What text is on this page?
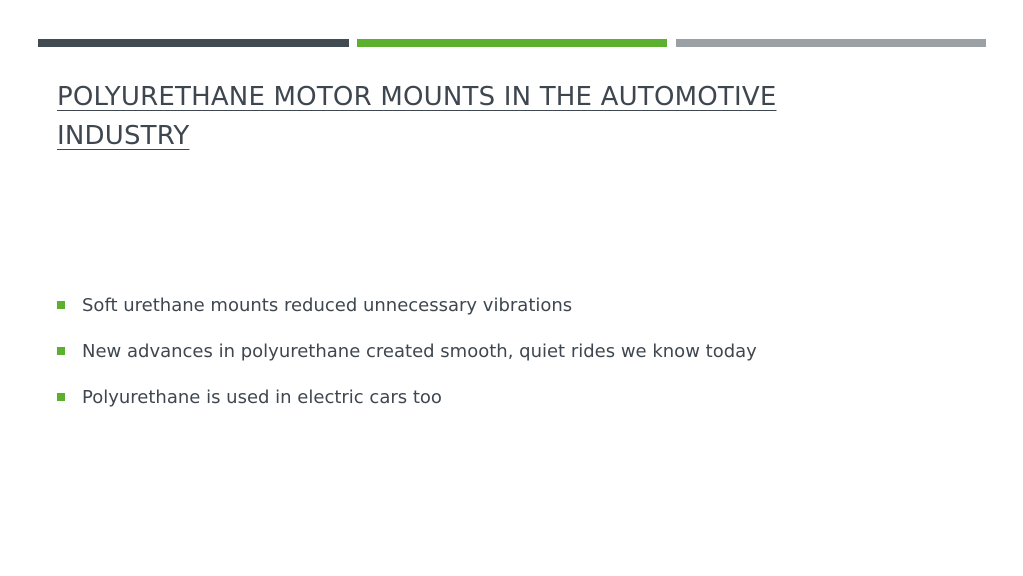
POLYURETHANE MOTOR MOUNTS IN THE AUTOMOTIVE INDUSTRY
Soft urethane mounts reduced unnecessary vibrations
New advances in polyurethane created smooth, quiet rides we know today
Polyurethane is used in electric cars too
